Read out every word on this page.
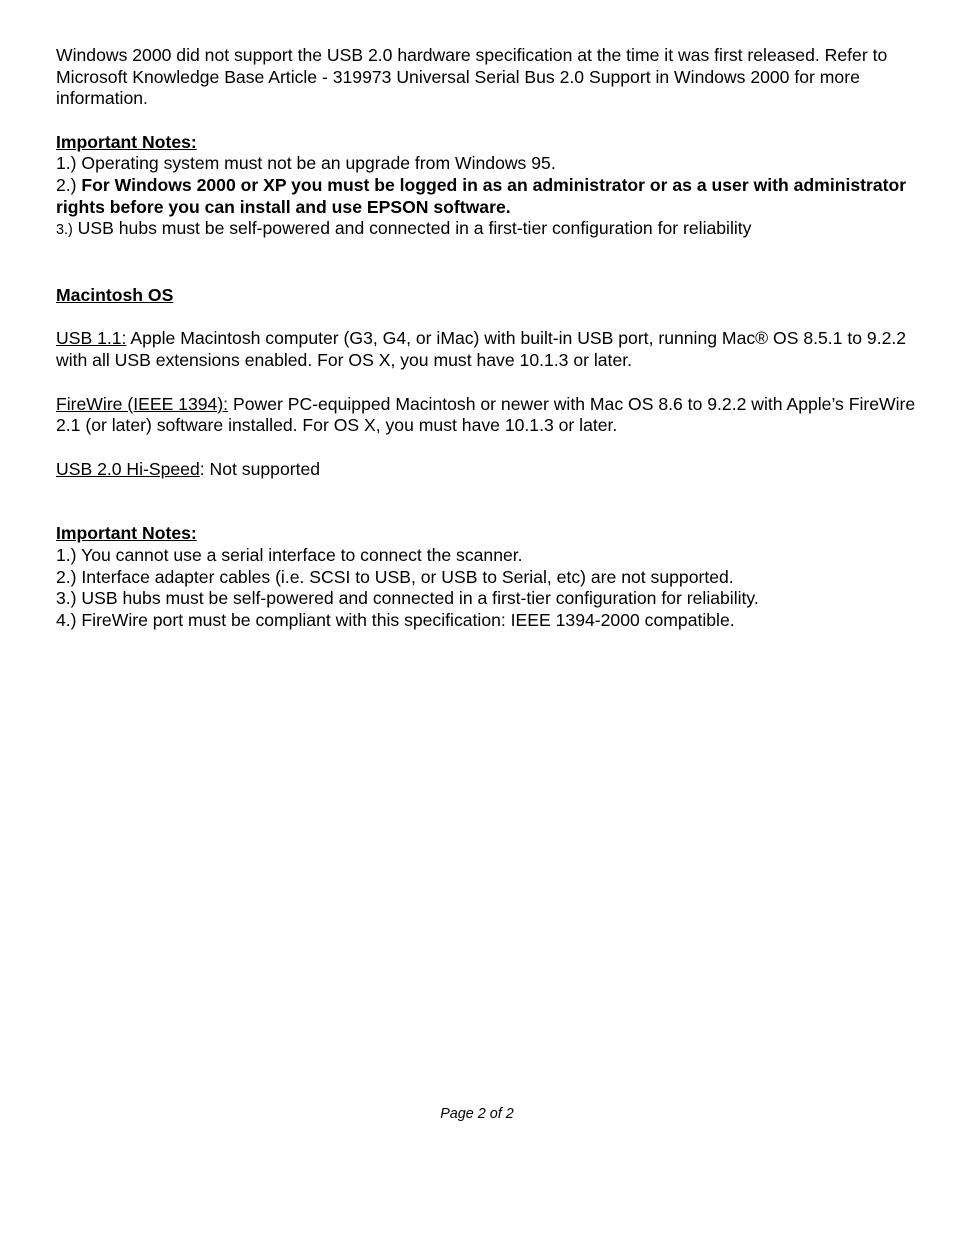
Windows 2000 did not support the USB 2.0 hardware specification at the time it was first released. Refer to Microsoft Knowledge Base Article - 319973 Universal Serial Bus 2.0 Support in Windows 2000 for more information.

Important Notes:

1.) Operating system must not be an upgrade from Windows 95.

2.) For Windows 2000 or XP you must be logged in as an administrator or as a user with administrator rights before you can install and use EPSON software.

3.) USB hubs must be self-powered and connected in a first-tier configuration for reliability

Macintosh OS

USB 1.1: Apple Macintosh computer (G3, G4, or iMac) with built-in USB port, running Mac® OS 8.5.1 to 9.2.2 with all USB extensions enabled. For OS X, you must have 10.1.3 or later.

FireWire (IEEE 1394): Power PC-equipped Macintosh or newer with Mac OS 8.6 to 9.2.2 with Apple’s FireWire 2.1 (or later) software installed. For OS X, you must have 10.1.3 or later.

USB 2.0 Hi-Speed: Not supported

Important Notes:

1.) You cannot use a serial interface to connect the scanner.

2.) Interface adapter cables (i.e. SCSI to USB, or USB to Serial, etc) are not supported.

3.) USB hubs must be self-powered and connected in a first-tier configuration for reliability.

4.) FireWire port must be compliant with this specification: IEEE 1394-2000 compatible.

Page 2 of 2
